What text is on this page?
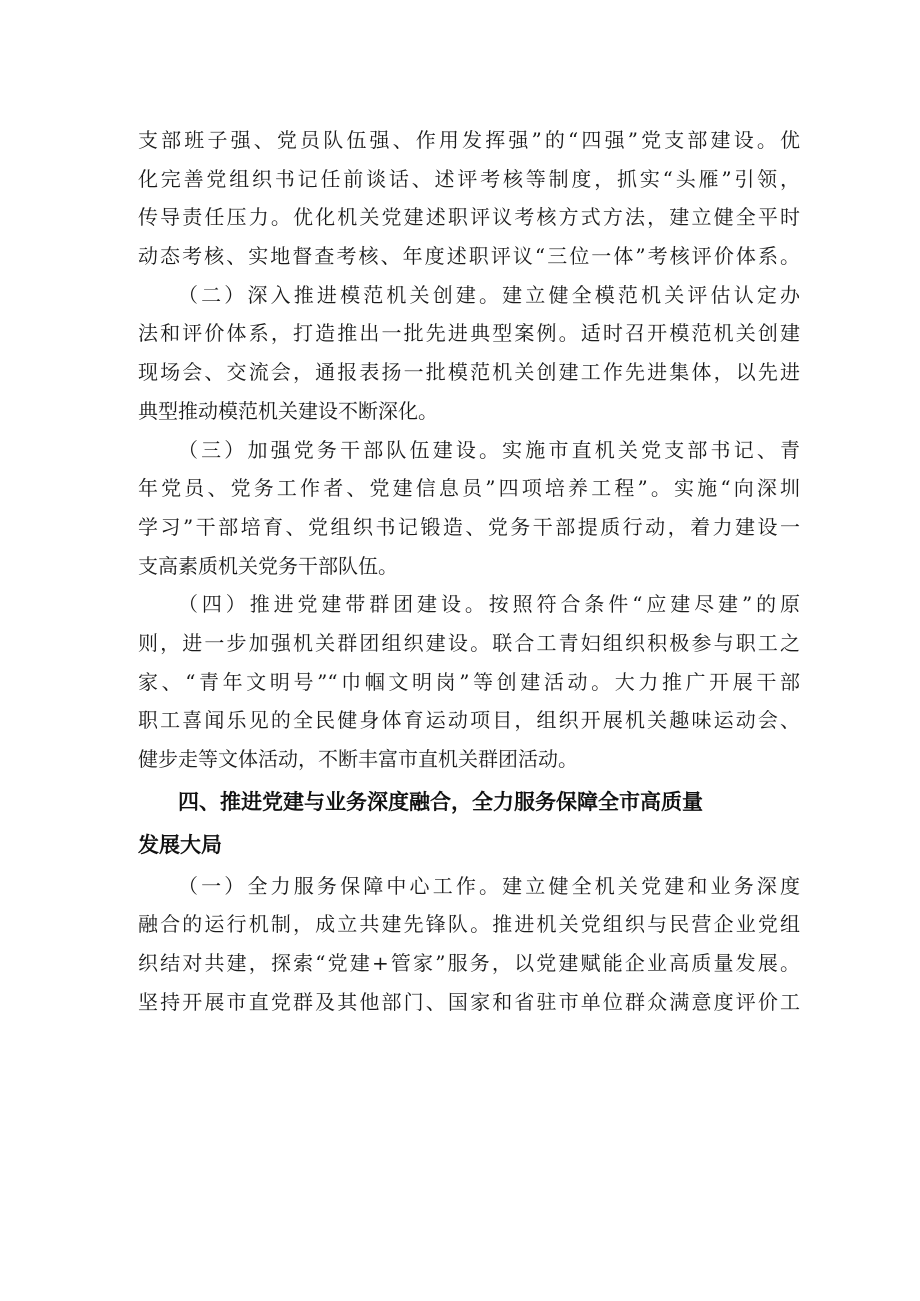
支部班子强、党员队伍强、作用发挥强”的“四强”党支部建设。优
化完善党组织书记任前谈话、述评考核等制度，抓实“头雁”引领，
传导责任压力。优化机关党建述职评议考核方式方法，建立健全平时
动态考核、实地督查考核、年度述职评议“三位一体”考核评价体系。
（二）深入推进模范机关创建。建立健全模范机关评估认定办
法和评价体系，打造推出一批先进典型案例。适时召开模范机关创建
现场会、交流会，通报表扬一批模范机关创建工作先进集体，以先进
典型推动模范机关建设不断深化。
（三）加强党务干部队伍建设。实施市直机关党支部书记、青
年党员、党务工作者、党建信息员”四项培养工程”。实施“向深圳
学习”干部培育、党组织书记锻造、党务干部提质行动，着力建设一
支高素质机关党务干部队伍。
（四）推进党建带群团建设。按照符合条件“应建尽建”的原
则，进一步加强机关群团组织建设。联合工青妇组织积极参与职工之
家、“青年文明号”“巾帼文明岗”等创建活动。大力推广开展干部
职工喜闻乐见的全民健身体育运动项目，组织开展机关趣味运动会、
健步走等文体活动，不断丰富市直机关群团活动。
四、推进党建与业务深度融合，全力服务保障全市高质量
发展大局
（一）全力服务保障中心工作。建立健全机关党建和业务深度
融合的运行机制，成立共建先锋队。推进机关党组织与民营企业党组
织结对共建，探索“党建+管家”服务，以党建赋能企业高质量发展。
坚持开展市直党群及其他部门、国家和省驻市单位群众满意度评价工
